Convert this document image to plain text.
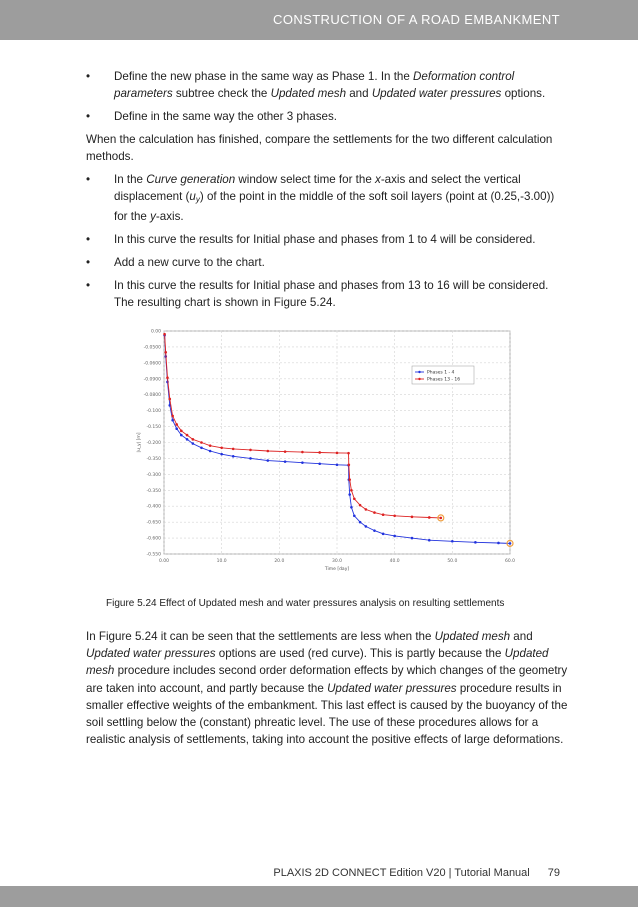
CONSTRUCTION OF A ROAD EMBANKMENT
• Define the new phase in the same way as Phase 1. In the Deformation control parameters subtree check the Updated mesh and Updated water pressures options.
• Define in the same way the other 3 phases.

When the calculation has finished, compare the settlements for the two different calculation methods.

• In the Curve generation window select time for the x-axis and select the vertical displacement $(u_y)$ of the point in the middle of the soft soil layers (point at (0.25,-3.00)) for the y-axis.
• In this curve the results for Initial phase and phases from 1 to 4 will be considered.
• Add a new curve to the chart.
• In this curve the results for Initial phase and phases from 13 to 16 will be considered. The resulting chart is shown in Figure 5.24.
0.00	10.0	20.0	30.0	40.0	50.0	60.0
0.00
-0.0500
-0.0600
-0.0900
-0.0800
-0.100
-0.150
-0.200
-0.350
-0.300
-0.350
-0.400
-0.650
-0.600
-0.550
Time [day]
|u_y| [m]
Phases 1 - 4
Phases 13 - 16
Figure 5.24 Effect of Updated mesh and water pressures analysis on resulting settlements

In Figure 5.24 it can be seen that the settlements are less when the Updated mesh and Updated water pressures options are used (red curve). This is partly because the Updated mesh procedure includes second order deformation effects by which changes of the geometry are taken into account, and partly because the Updated water pressures procedure results in smaller effective weights of the embankment. This last effect is caused by the buoyancy of the soil settling below the (constant) phreatic level. The use of these procedures allows for a realistic analysis of settlements, taking into account the positive effects of large deformations.

PLAXIS 2D CONNECT Edition V20 | Tutorial Manual 79
